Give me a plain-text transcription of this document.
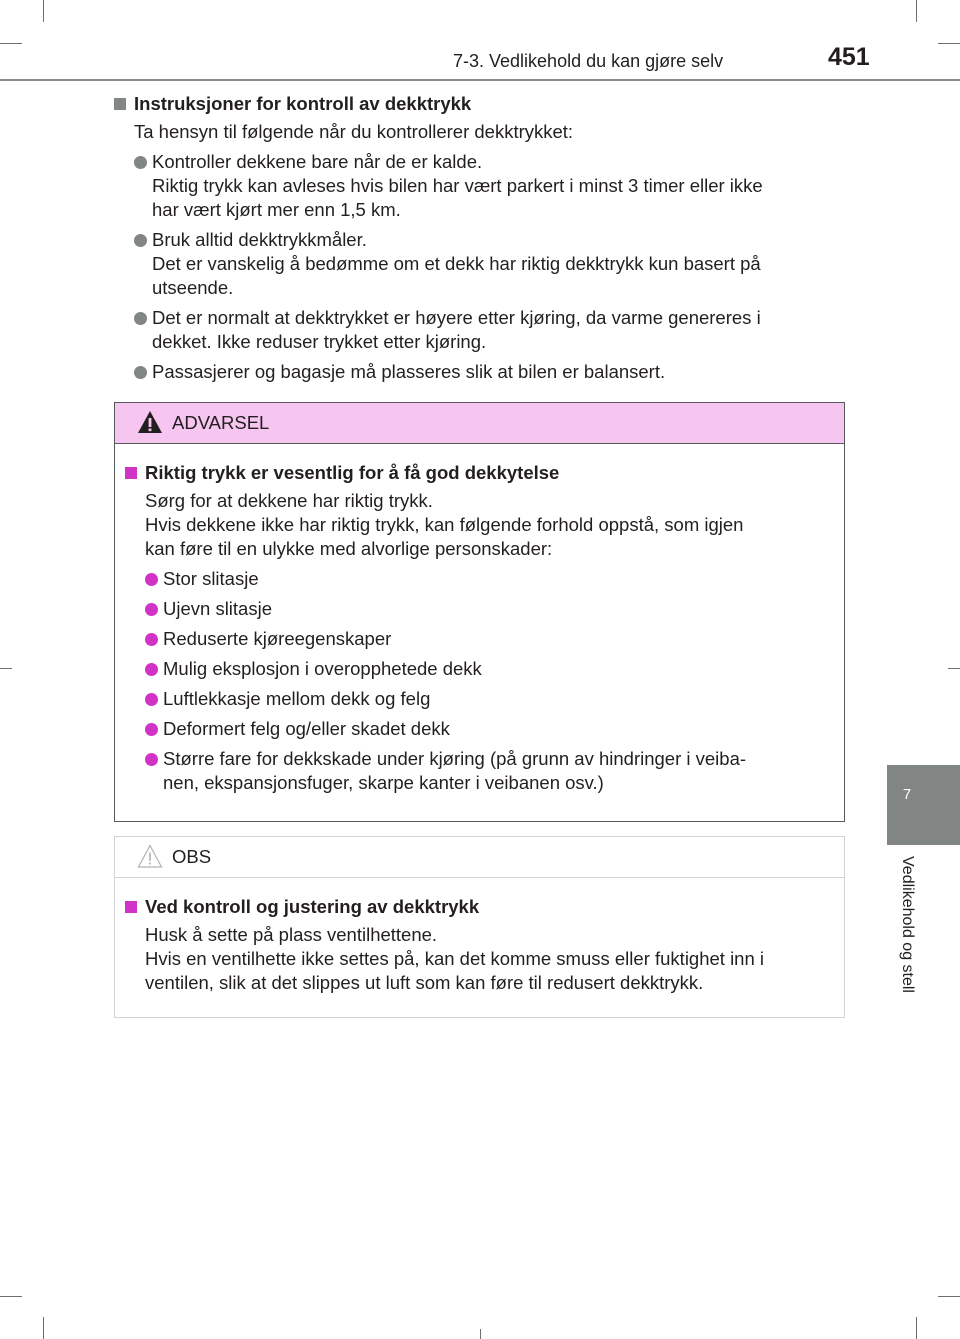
7-3. Vedlikehold du kan gjøre selv	451
7
Vedlikehold og stell

Instruksjoner for kontroll av dekktrykk

Ta hensyn til følgende når du kontrollerer dekktrykket:

Kontroller dekkene bare når de er kalde.
Riktig trykk kan avleses hvis bilen har vært parkert i minst 3 timer eller ikke
har vært kjørt mer enn 1,5 km.
Bruk alltid dekktrykkmåler.
Det er vanskelig å bedømme om et dekk har riktig dekktrykk kun basert på
utseende.
Det er normalt at dekktrykket er høyere etter kjøring, da varme genereres i
dekket. Ikke reduser trykket etter kjøring.
Passasjerer og bagasje må plasseres slik at bilen er balansert.
ADVARSEL

Riktig trykk er vesentlig for å få god dekkytelse

Sørg for at dekkene har riktig trykk.
Hvis dekkene ikke har riktig trykk, kan følgende forhold oppstå, som igjen
kan føre til en ulykke med alvorlige personskader:

Stor slitasje
Ujevn slitasje
Reduserte kjøreegenskaper
Mulig eksplosjon i overopphetede dekk
Luftlekkasje mellom dekk og felg
Deformert felg og/eller skadet dekk
Større fare for dekkskade under kjøring (på grunn av hindringer i veiba-
nen, ekspansjonsfuger, skarpe kanter i veibanen osv.)
OBS

Ved kontroll og justering av dekktrykk

Husk å sette på plass ventilhettene.
Hvis en ventilhette ikke settes på, kan det komme smuss eller fuktighet inn i
ventilen, slik at det slippes ut luft som kan føre til redusert dekktrykk.
